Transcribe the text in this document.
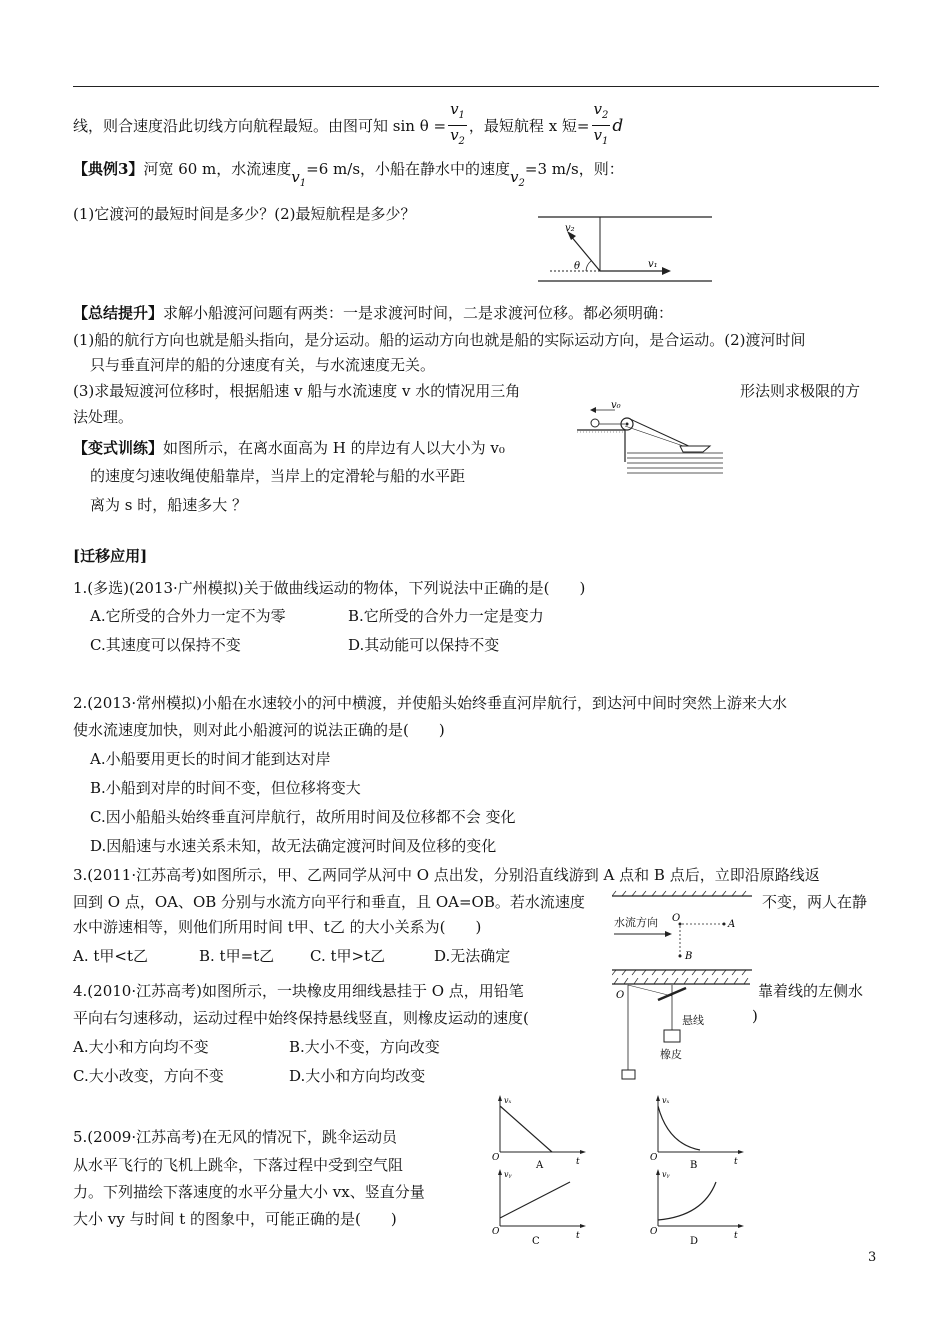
线，则合速度沿此切线方向航程最短。由图可知 $\sin \theta = \frac{v_1}{v_2}$ ，最短航程 x 短= $\frac{v_2}{v_1}$ d
【典例3】河宽 60 m，水流速度$v_1=6$ m/s，小船在静水中的速度$v_2=3$ m/s，则：
(1)它渡河的最短时间是多少？(2)最短航程是多少？
v₂
θ	v₁
【总结提升】求解小船渡河问题有两类：一是求渡河时间，二是求渡河位移。都必须明确：
(1)船的航行方向也就是船头指向，是分运动。船的运动方向也就是船的实际运动方向，是合运动。(2)渡河时间
只与垂直河岸的船的分速度有关，与水流速度无关。
(3)求最短渡河位移时，根据船速 v 船与水流速度 v 水的情况用三角	形法则求极限的方
法处理。
【变式训练】如图所示，在离水面高为 H 的岸边有人以大小为 v₀
的速度匀速收绳使船靠岸，当岸上的定滑轮与船的水平距
离为 s 时，船速多大 ？
v₀
[迁移应用]
1.(多选)(2013·广州模拟)关于做曲线运动的物体，下列说法中正确的是(　　)
A.它所受的合外力一定不为零	B.它所受的合外力一定是变力
C.其速度可以保持不变	D.其动能可以保持不变
2.(2013·常州模拟)小船在水速较小的河中横渡，并使船头始终垂直河岸航行，到达河中间时突然上游来大水
使水流速度加快，则对此小船渡河的说法正确的是(　　)
A.小船要用更长的时间才能到达对岸
B.小船到对岸的时间不变，但位移将变大
C.因小船船头始终垂直河岸航行，故所用时间及位移都不会 变化
D.因船速与水速关系未知，故无法确定渡河时间及位移的变化
3.(2011·江苏高考)如图所示，甲、乙两同学从河中 O 点出发，分别沿直线游到 A 点和 B 点后，立即沿原路线返
回到 O 点，OA、OB 分别与水流方向平行和垂直，且 OA=OB。若水流速度	不变，两人在静
水中游速相等，则他们所用时间 t甲、t乙 的大小关系为(　　)
A. t甲<t乙	B. t甲=t乙 C. t甲>t乙	D.无法确定
O
A
B
水流方向
4.(2010·江苏高考)如图所示，一块橡皮用细线悬挂于 O 点，用铅笔	靠着线的左侧水
平向右匀速移动，运动过程中始终保持悬线竖直，则橡皮运动的速度(	)
A.大小和方向均不变	B.大小不变，方向改变
C.大小改变，方向不变	D.大小和方向均改变
O
悬线
橡皮
5.(2009·江苏高考)在无风的情况下，跳伞运动员
从水平飞行的飞机上跳伞，下落过程中受到空气阻
力。下列描绘下落速度的水平分量大小 vx、竖直分量
大小 vy 与时间 t 的图象中，可能正确的是(　　)
vₓ
O	t
A
vₓ
O	t
B
vᵧ
O	t
C
vᵧ
O	t
D
3
